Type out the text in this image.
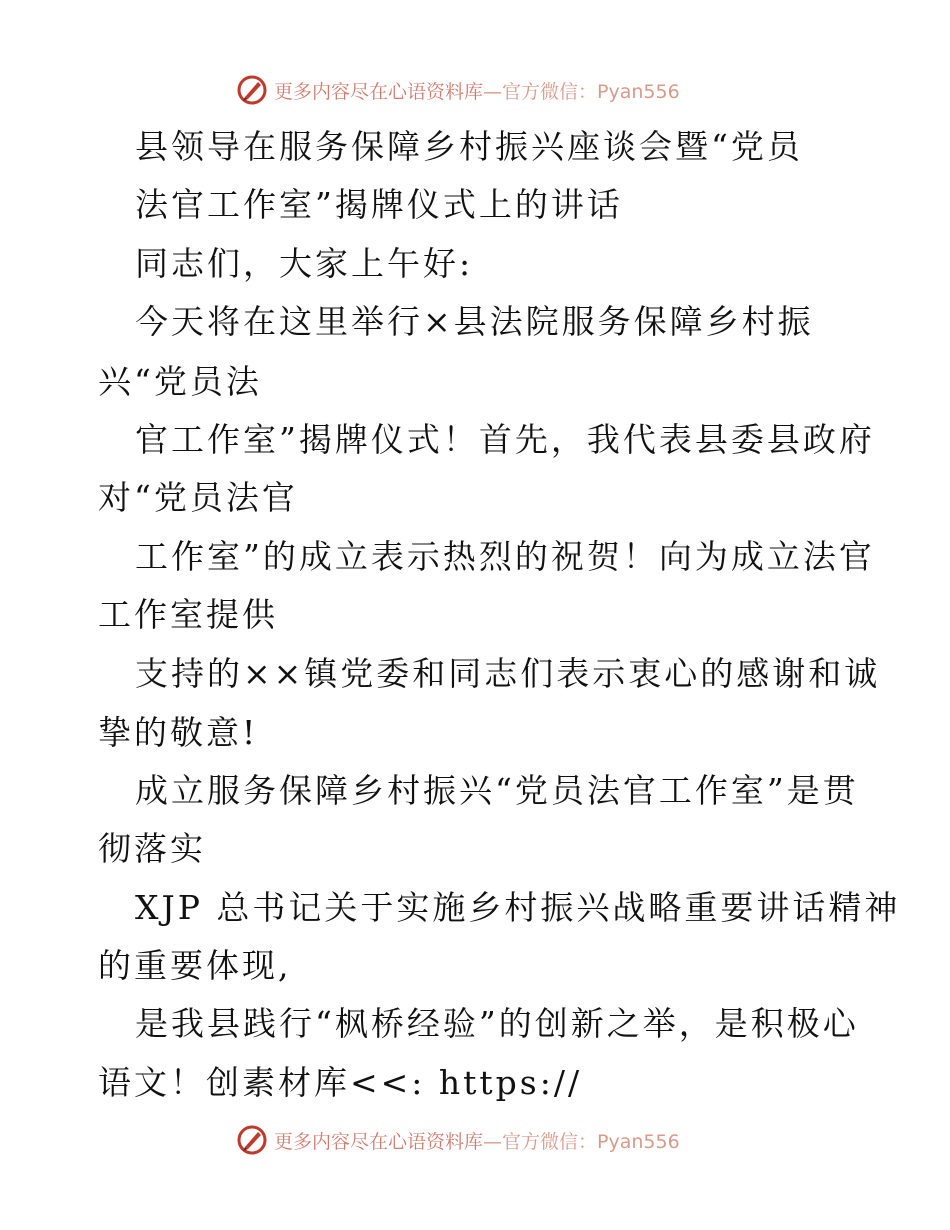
更多内容尽在心语资料库—官方微信：Pyan556
县领导在服务保障乡村振兴座谈会暨“党员
法官工作室”揭牌仪式上的讲话
同志们，大家上午好:
今天将在这里举行×县法院服务保障乡村振
兴“党员法
官工作室”揭牌仪式！首先，我代表县委县政府
对“党员法官
工作室”的成立表示热烈的祝贺！向为成立法官
工作室提供
支持的××镇党委和同志们表示衷心的感谢和诚
挚的敬意!
成立服务保障乡村振兴“党员法官工作室”是贯
彻落实
XJP 总书记关于实施乡村振兴战略重要讲话精神
的重要体现,
是我县践行“枫桥经验”的创新之举，是积极心
语文！创素材库<<: https://
更多内容尽在心语资料库—官方微信：Pyan556
